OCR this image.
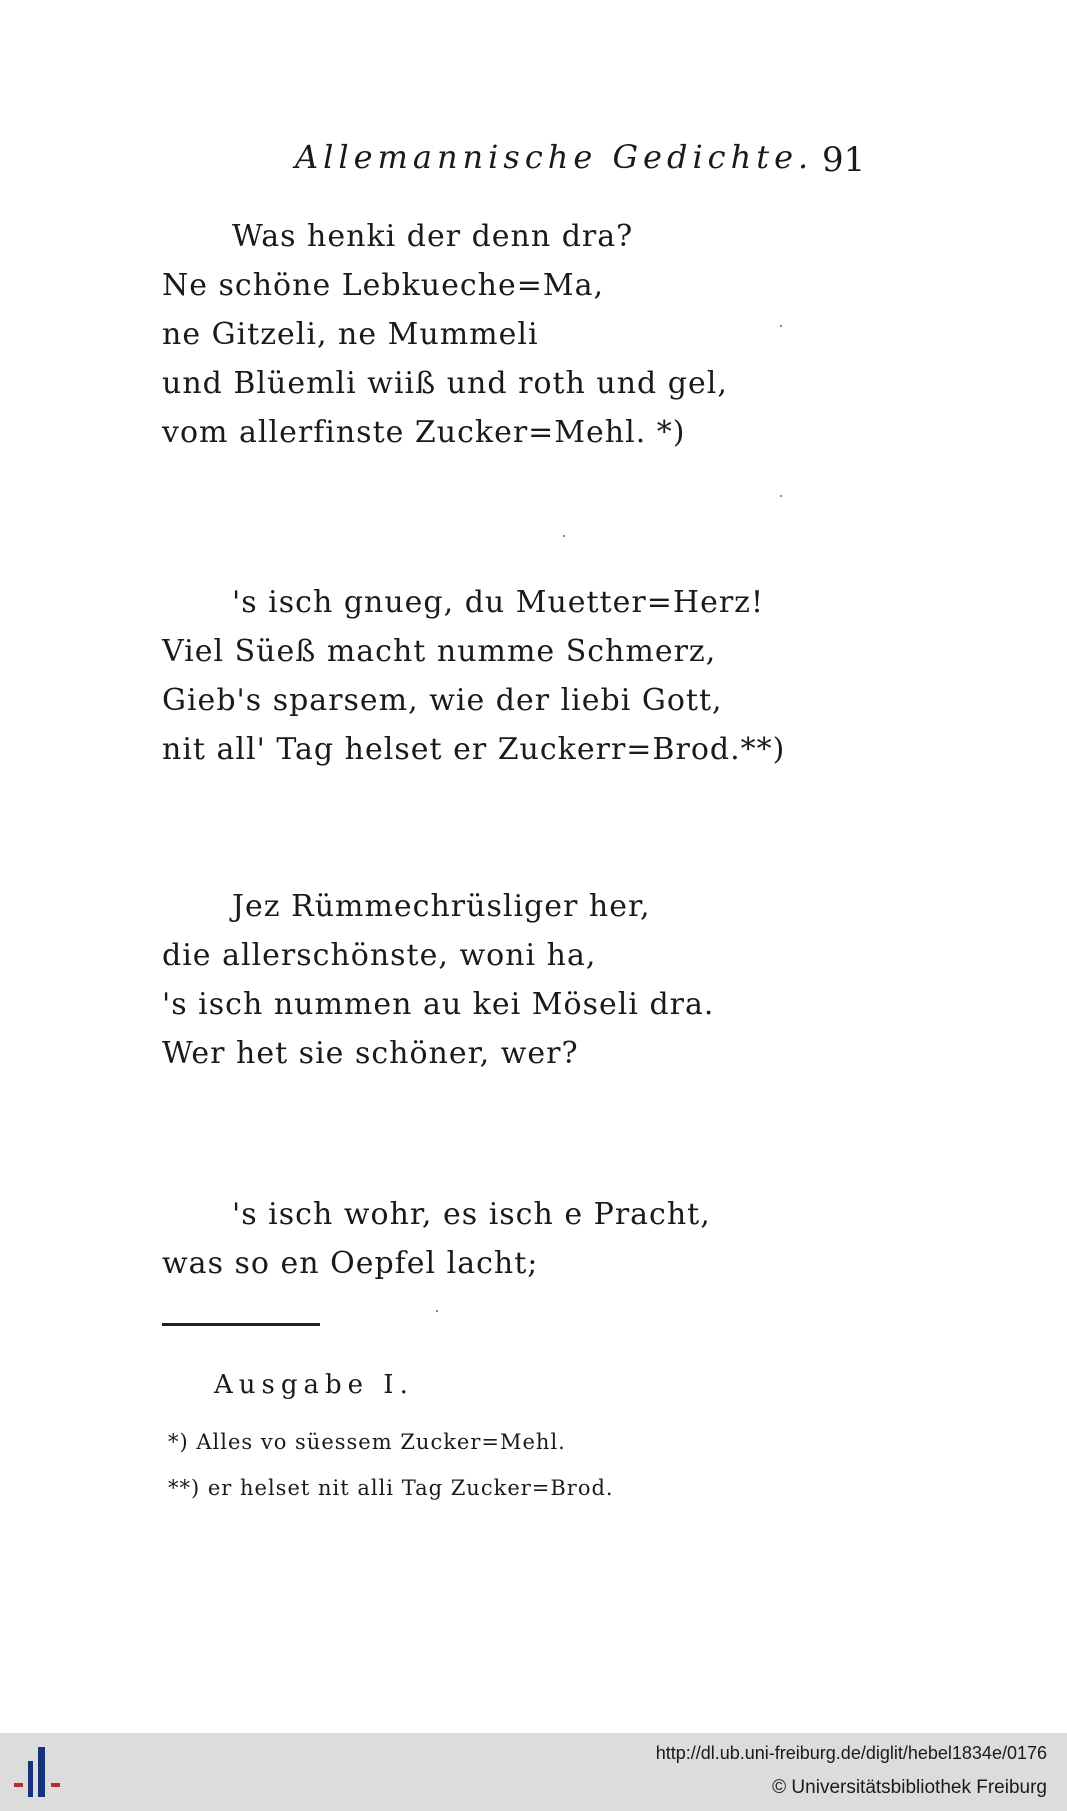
Allemannische Gedichte. 91
Was henki der denn dra?
Ne schöne Lebkueche=Ma,
ne Gitzeli, ne Mummeli
und Blüemli wiiß und roth und gel,
vom allerfinste Zucker=Mehl. *)
's isch gnueg, du Muetter=Herz!
Viel Süeß macht numme Schmerz,
Gieb's sparsem, wie der liebi Gott,
nit all' Tag helset er Zuckerr=Brod.**)
Jez Rümmechrüsliger her,
die allerschönste, woni ha,
's isch nummen au kei Möseli dra.
Wer het sie schöner, wer?
's isch wohr, es isch e Pracht,
was so en Oepfel lacht;
Ausgabe I.
*) Alles vo süessem Zucker=Mehl.
**) er helset nit alli Tag Zucker=Brod.
http://dl.ub.uni-freiburg.de/diglit/hebel1834e/0176
© Universitätsbibliothek Freiburg
